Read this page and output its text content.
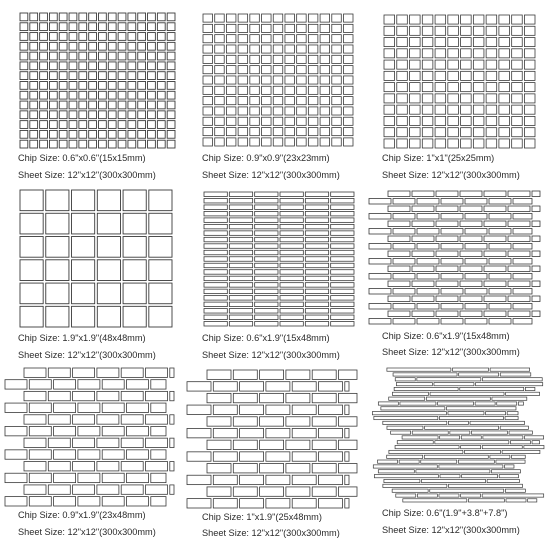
Chip Size: 0.6"x0.6"(15x15mm)
Sheet Size: 12"x12"(300x300mm)
Chip Size: 0.9"x0.9"(23x23mm)
Sheet Size: 12"x12"(300x300mm)
Chip Size: 1"x1"(25x25mm)
Sheet Size: 12"x12"(300x300mm)
Chip Size: 1.9"x1.9"(48x48mm)
Sheet Size: 12"x12"(300x300mm)
Chip Size: 0.6"x1.9"(15x48mm)
Sheet Size: 12"x12"(300x300mm)
Chip Size: 0.6"x1.9"(15x48mm)
Sheet Size: 12"x12"(300x300mm)
Chip Size: 0.9"x1.9"(23x48mm)
Sheet Size: 12"x12"(300x300mm)
Chip Size: 1"x1.9"(25x48mm)
Sheet Size: 12"x12"(300x300mm)
Chip Size: 0.6"(1.9"+3.8"+7.8")
Sheet Size: 12"x12"(300x300mm)
